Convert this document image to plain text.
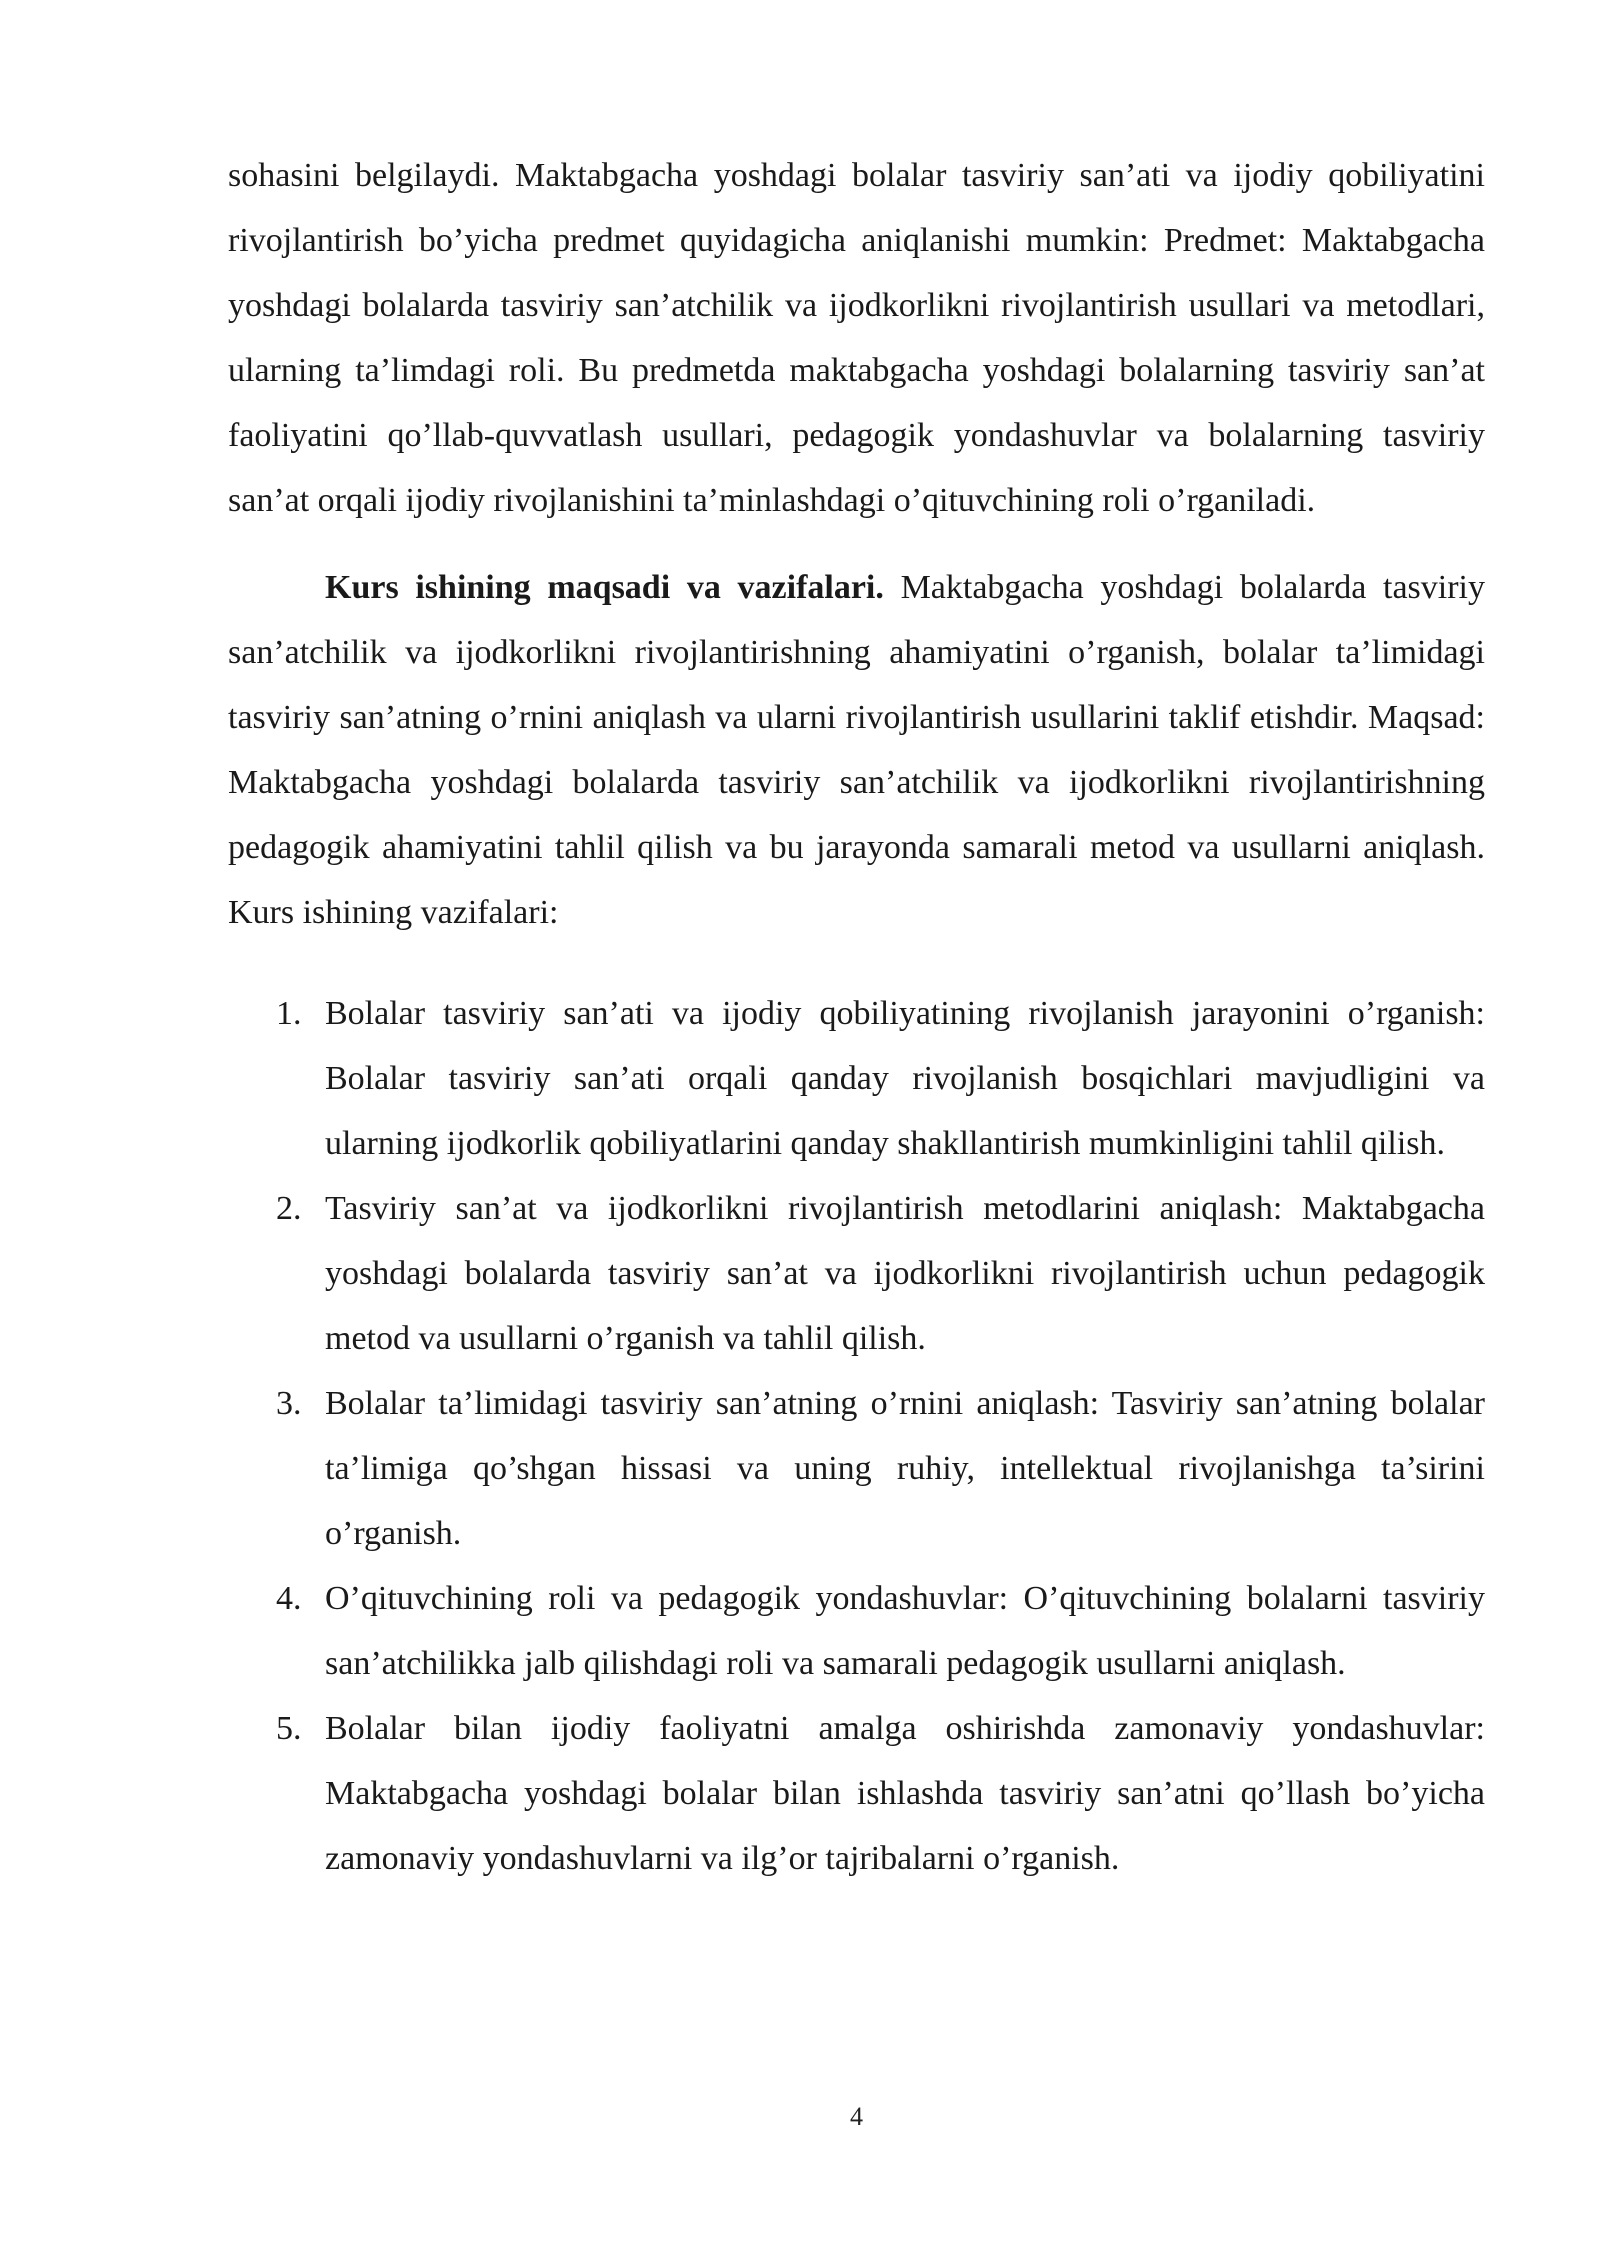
sohasini belgilaydi. Maktabgacha yoshdagi bolalar tasviriy san’ati va ijodiy qobiliyatini rivojlantirish bo’yicha predmet quyidagicha aniqlanishi mumkin: Predmet: Maktabgacha yoshdagi bolalarda tasviriy san’atchilik va ijodkorlikni rivojlantirish usullari va metodlari, ularning ta’limdagi roli. Bu predmetda maktabgacha yoshdagi bolalarning tasviriy san’at faoliyatini qo’llab-quvvatlash usullari, pedagogik yondashuvlar va bolalarning tasviriy san’at orqali ijodiy rivojlanishini ta’minlashdagi o’qituvchining roli o’rganiladi.

Kurs ishining maqsadi va vazifalari. Maktabgacha yoshdagi bolalarda tasviriy san’atchilik va ijodkorlikni rivojlantirishning ahamiyatini o’rganish, bolalar ta’limidagi tasviriy san’atning o’rnini aniqlash va ularni rivojlantirish usullarini taklif etishdir. Maqsad: Maktabgacha yoshdagi bolalarda tasviriy san’atchilik va ijodkorlikni rivojlantirishning pedagogik ahamiyatini tahlil qilish va bu jarayonda samarali metod va usullarni aniqlash. Kurs ishining vazifalari:

1. Bolalar tasviriy san’ati va ijodiy qobiliyatining rivojlanish jarayonini o’rganish: Bolalar tasviriy san’ati orqali qanday rivojlanish bosqichlari mavjudligini va ularning ijodkorlik qobiliyatlarini qanday shakllantirish mumkinligini tahlil qilish.
2. Tasviriy san’at va ijodkorlikni rivojlantirish metodlarini aniqlash: Maktabgacha yoshdagi bolalarda tasviriy san’at va ijodkorlikni rivojlantirish uchun pedagogik metod va usullarni o’rganish va tahlil qilish.
3. Bolalar ta’limidagi tasviriy san’atning o’rnini aniqlash: Tasviriy san’atning bolalar ta’limiga qo’shgan hissasi va uning ruhiy, intellektual rivojlanishga ta’sirini o’rganish.
4. O’qituvchining roli va pedagogik yondashuvlar: O’qituvchining bolalarni tasviriy san’atchilikka jalb qilishdagi roli va samarali pedagogik usullarni aniqlash.
5. Bolalar bilan ijodiy faoliyatni amalga oshirishda zamonaviy yondashuvlar: Maktabgacha yoshdagi bolalar bilan ishlashda tasviriy san’atni qo’llash bo’yicha zamonaviy yondashuvlarni va ilg’or tajribalarni o’rganish.
4
